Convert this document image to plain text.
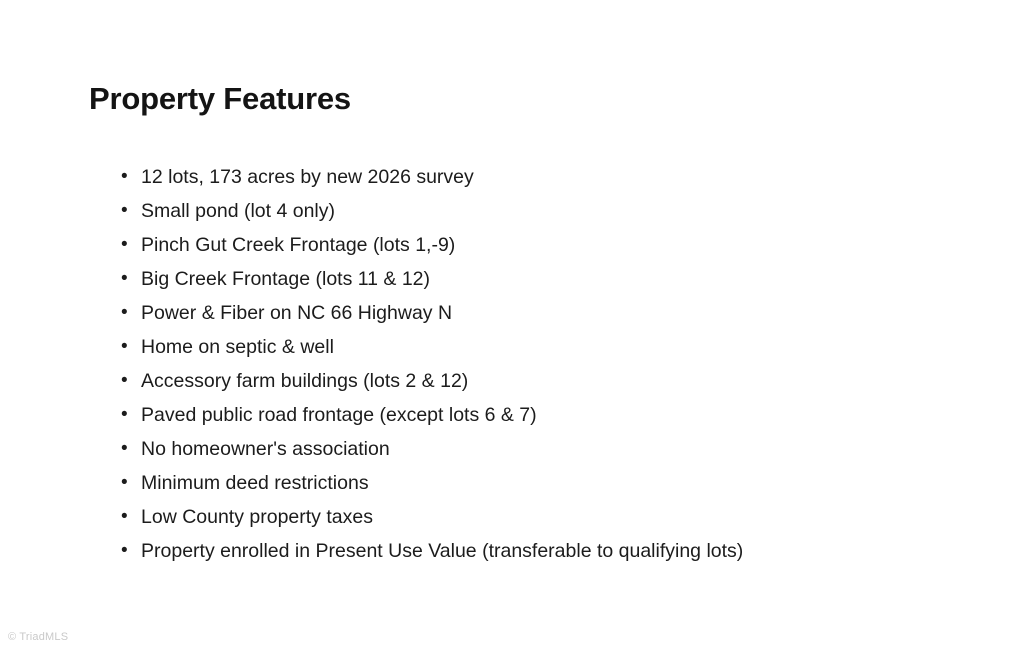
Property Features
• 12 lots, 173 acres by new 2026 survey
• Small pond (lot 4 only)
• Pinch Gut Creek Frontage (lots 1,-9)
• Big Creek Frontage (lots 11 & 12)
• Power & Fiber on NC 66 Highway N
• Home on septic & well
• Accessory farm buildings (lots 2 & 12)
• Paved public road frontage (except lots 6 & 7)
• No homeowner's association
• Minimum deed restrictions
• Low County property taxes
• Property enrolled in Present Use Value (transferable to qualifying lots)
© TriadMLS
